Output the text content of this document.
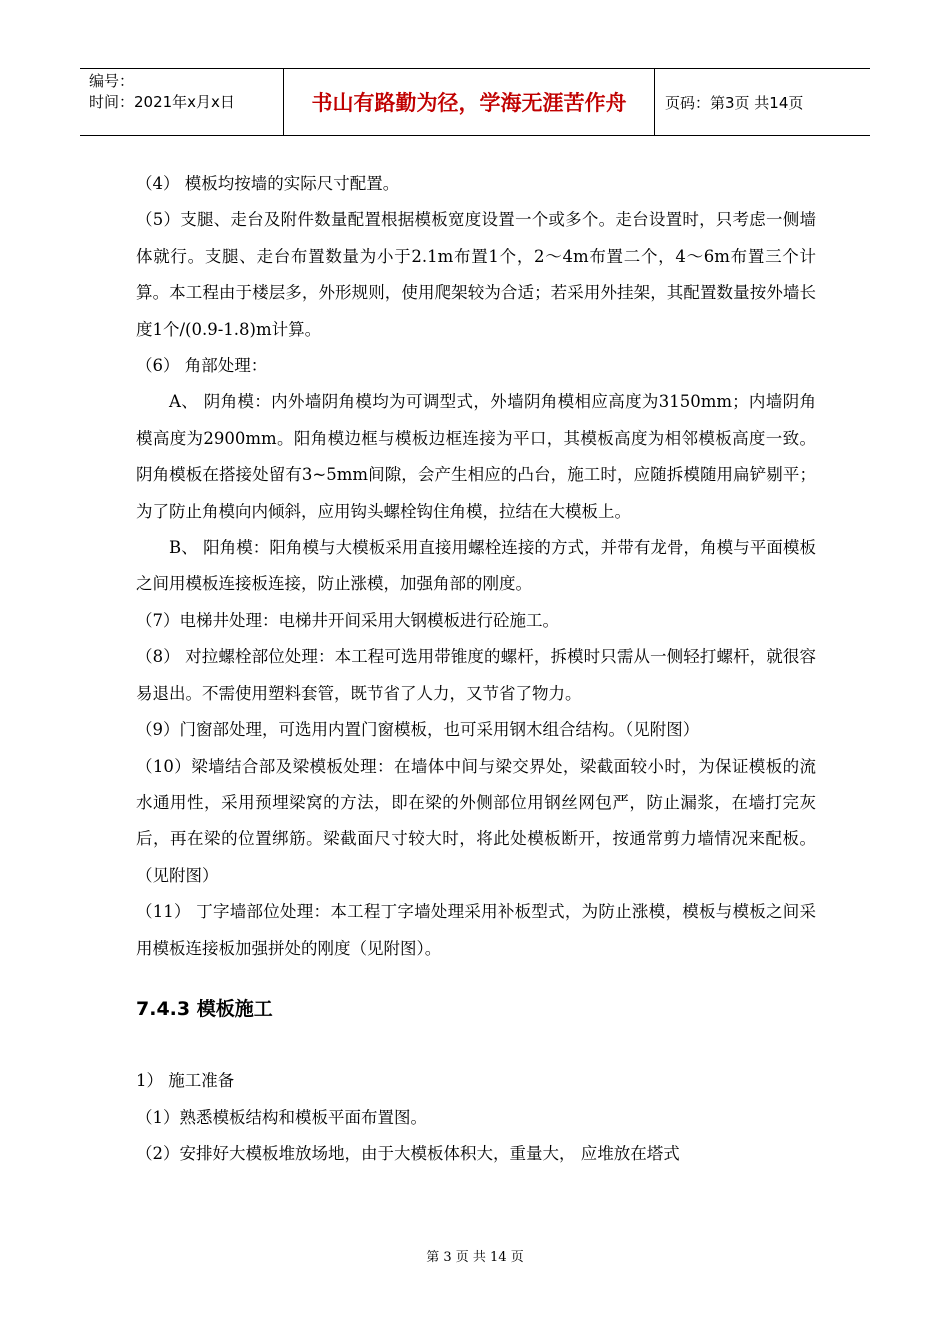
编号：
时间：2021年x月x日	书山有路勤为径，学海无涯苦作舟	页码：第3页 共14页

（4） 模板均按墙的实际尺寸配置。

（5）支腿、走台及附件数量配置根据模板宽度设置一个或多个。走台设置时，只考虑一侧墙体就行。支腿、走台布置数量为小于2.1m布置1个，2～4m布置二个，4～6m布置三个计算。本工程由于楼层多，外形规则，使用爬架较为合适；若采用外挂架，其配置数量按外墙长度1个/(0.9-1.8)m计算。

（6） 角部处理：

A、 阴角模：内外墙阴角模均为可调型式，外墙阴角模相应高度为3150mm；内墙阴角模高度为2900mm。阳角模边框与模板边框连接为平口，其模板高度为相邻模板高度一致。阴角模板在搭接处留有3~5mm间隙，会产生相应的凸台，施工时，应随拆模随用扁铲剔平；为了防止角模向内倾斜，应用钩头螺栓钩住角模，拉结在大模板上。

B、 阳角模：阳角模与大模板采用直接用螺栓连接的方式，并带有龙骨，角模与平面模板之间用模板连接板连接，防止涨模，加强角部的刚度。

（7）电梯井处理：电梯井开间采用大钢模板进行砼施工。

（8） 对拉螺栓部位处理：本工程可选用带锥度的螺杆，拆模时只需从一侧轻打螺杆，就很容易退出。不需使用塑料套管，既节省了人力，又节省了物力。

（9）门窗部处理，可选用内置门窗模板，也可采用钢木组合结构。（见附图）

（10）梁墙结合部及梁模板处理：在墙体中间与梁交界处，梁截面较小时，为保证模板的流水通用性，采用预埋梁窝的方法，即在梁的外侧部位用钢丝网包严，防止漏浆，在墙打完灰后，再在梁的位置绑筋。梁截面尺寸较大时，将此处模板断开，按通常剪力墙情况来配板。（见附图）

（11） 丁字墙部位处理：本工程丁字墙处理采用补板型式，为防止涨模，模板与模板之间采用模板连接板加强拼处的刚度（见附图）。

7.4.3 模板施工

1） 施工准备

（1）熟悉模板结构和模板平面布置图。

（2）安排好大模板堆放场地，由于大模板体积大，重量大， 应堆放在塔式

第 3 页 共 14 页
